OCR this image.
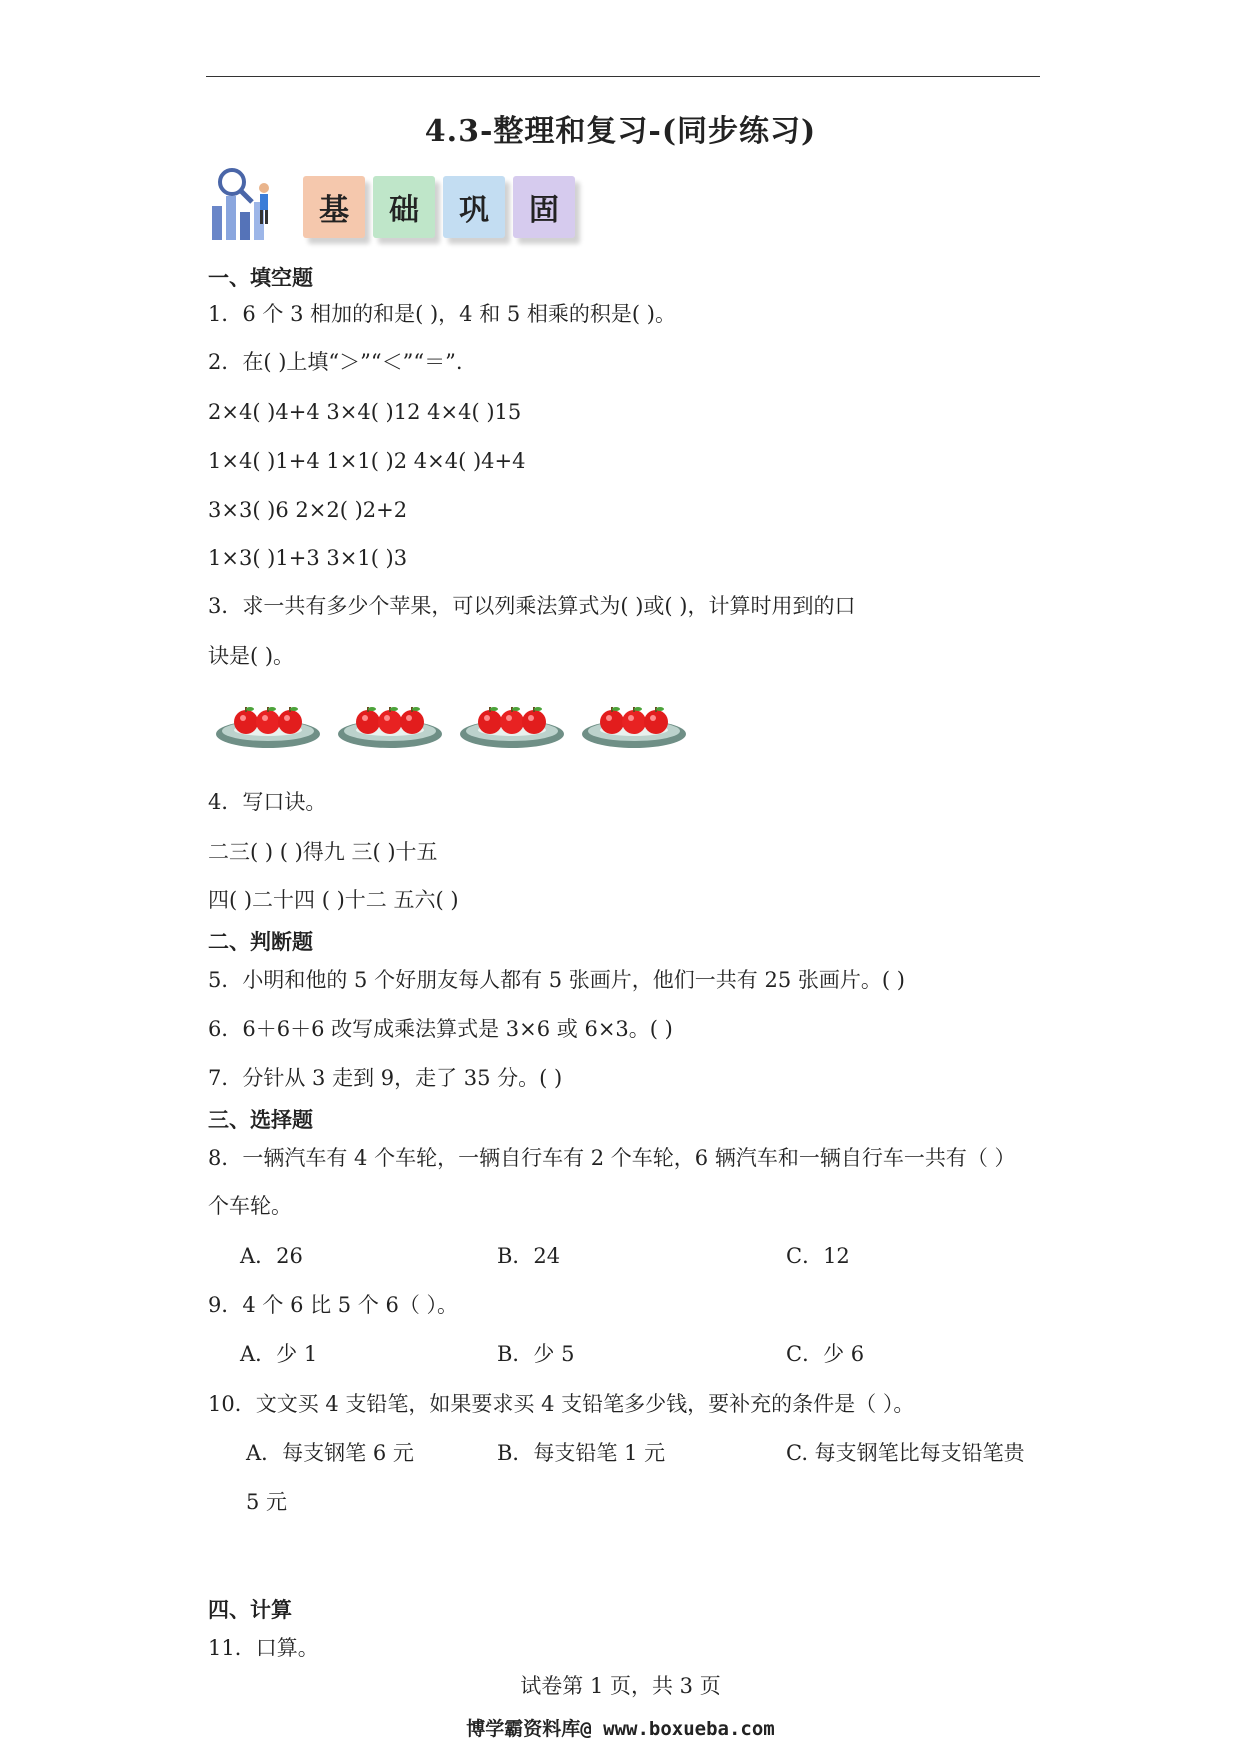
4.3-整理和复习-(同步练习)
基	础	巩	固
一、填空题
1．6 个 3 相加的和是( )，4 和 5 相乘的积是( )。
2．在( )上填“＞”“＜”“＝”.
2×4( )4+4 3×4( )12 4×4( )15
1×4( )1+4 1×1( )2 4×4( )4+4
3×3( )6 2×2( )2+2
1×3( )1+3 3×1( )3
3．求一共有多少个苹果，可以列乘法算式为( )或( )，计算时用到的口
诀是( )。
4．写口诀。
二三( ) ( )得九 三( )十五
四( )二十四 ( )十二 五六( )
二、判断题
5．小明和他的 5 个好朋友每人都有 5 张画片，他们一共有 25 张画片。( )
6．6＋6＋6 改写成乘法算式是 3×6 或 6×3。( )
7．分针从 3 走到 9，走了 35 分。( )
三、选择题
8．一辆汽车有 4 个车轮，一辆自行车有 2 个车轮，6 辆汽车和一辆自行车一共有（ ）
个车轮。
A．26	B．24	C．12
9．4 个 6 比 5 个 6（ ）。
A．少 1	B．少 5	C．少 6
10．文文买 4 支铅笔，如果要求买 4 支铅笔多少钱，要补充的条件是（ ）。
A．每支钢笔 6 元	B．每支铅笔 1 元	C. 每支钢笔比每支铅笔贵
5 元
四、计算
11．口算。
试卷第 1 页，共 3 页
博学霸资料库@ www.boxueba.com
